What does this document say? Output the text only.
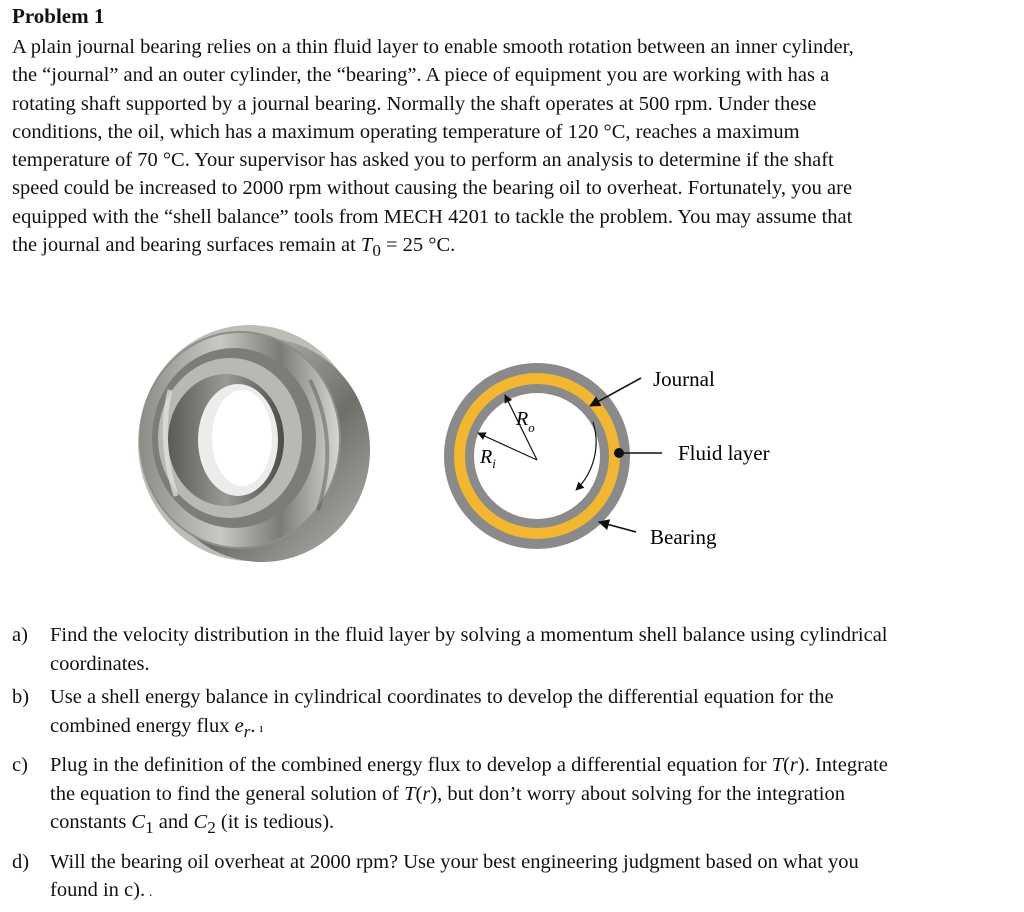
Problem 1
A plain journal bearing relies on a thin fluid layer to enable smooth rotation between an inner cylinder,
the “journal” and an outer cylinder, the “bearing”. A piece of equipment you are working with has a
rotating shaft supported by a journal bearing. Normally the shaft operates at 500 rpm. Under these
conditions, the oil, which has a maximum operating temperature of 120 °C, reaches a maximum
temperature of 70 °C. Your supervisor has asked you to perform an analysis to determine if the shaft
speed could be increased to 2000 rpm without causing the bearing oil to overheat. Fortunately, you are
equipped with the “shell balance” tools from MECH 4201 to tackle the problem. You may assume that
the journal and bearing surfaces remain at $T_0 = 25$ °C.
$R_o$
$R_i$
Journal
Fluid layer
Bearing
a) Find the velocity distribution in the fluid layer by solving a momentum shell balance using cylindrical
coordinates.
b) Use a shell energy balance in cylindrical coordinates to develop the differential equation for the
combined energy flux $e_r$. ı
c) Plug in the definition of the combined energy flux to develop a differential equation for T(r). Integrate
the equation to find the general solution of T(r), but don’t worry about solving for the integration
constants $C_1$ and $C_2$ (it is tedious).
d) Will the bearing oil overheat at 2000 rpm? Use your best engineering judgment based on what you
found in c). .
